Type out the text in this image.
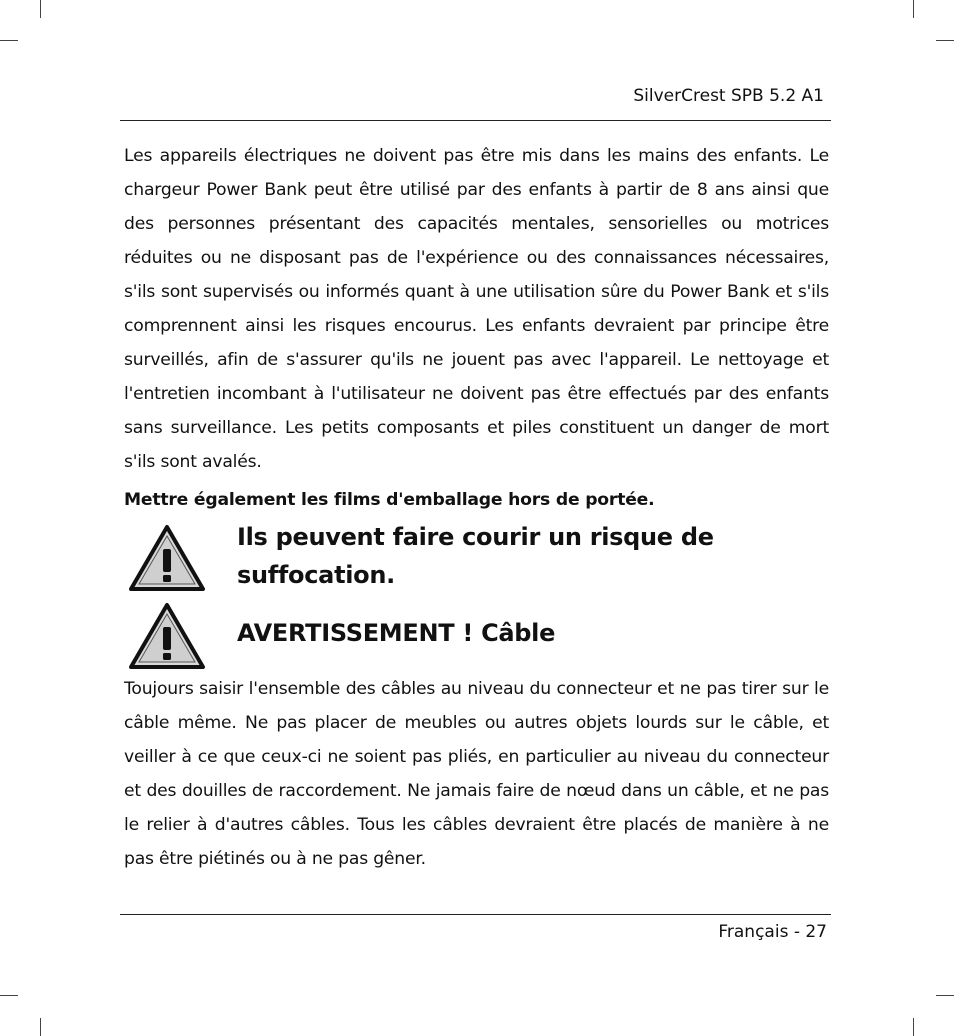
SilverCrest SPB 5.2 A1

Les appareils électriques ne doivent pas être mis dans les mains des enfants. Le chargeur Power Bank peut être utilisé par des enfants à partir de 8 ans ainsi que des personnes présentant des capacités mentales, sensorielles ou motrices réduites ou ne disposant pas de l'expérience ou des connaissances nécessaires, s'ils sont supervisés ou informés quant à une utilisation sûre du Power Bank et s'ils comprennent ainsi les risques encourus. Les enfants devraient par principe être surveillés, afin de s'assurer qu'ils ne jouent pas avec l'appareil. Le nettoyage et l'entretien incombant à l'utilisateur ne doivent pas être effectués par des enfants sans surveillance. Les petits composants et piles constituent un danger de mort s'ils sont avalés.

Mettre également les films d'emballage hors de portée.
Ils peuvent faire courir un risque de
suffocation.
AVERTISSEMENT ! Câble

Toujours saisir l'ensemble des câbles au niveau du connecteur et ne pas tirer sur le câble même. Ne pas placer de meubles ou autres objets lourds sur le câble, et veiller à ce que ceux-ci ne soient pas pliés, en particulier au niveau du connecteur et des douilles de raccordement. Ne jamais faire de nœud dans un câble, et ne pas le relier à d'autres câbles. Tous les câbles devraient être placés de manière à ne pas être piétinés ou à ne pas gêner.

Français - 27
